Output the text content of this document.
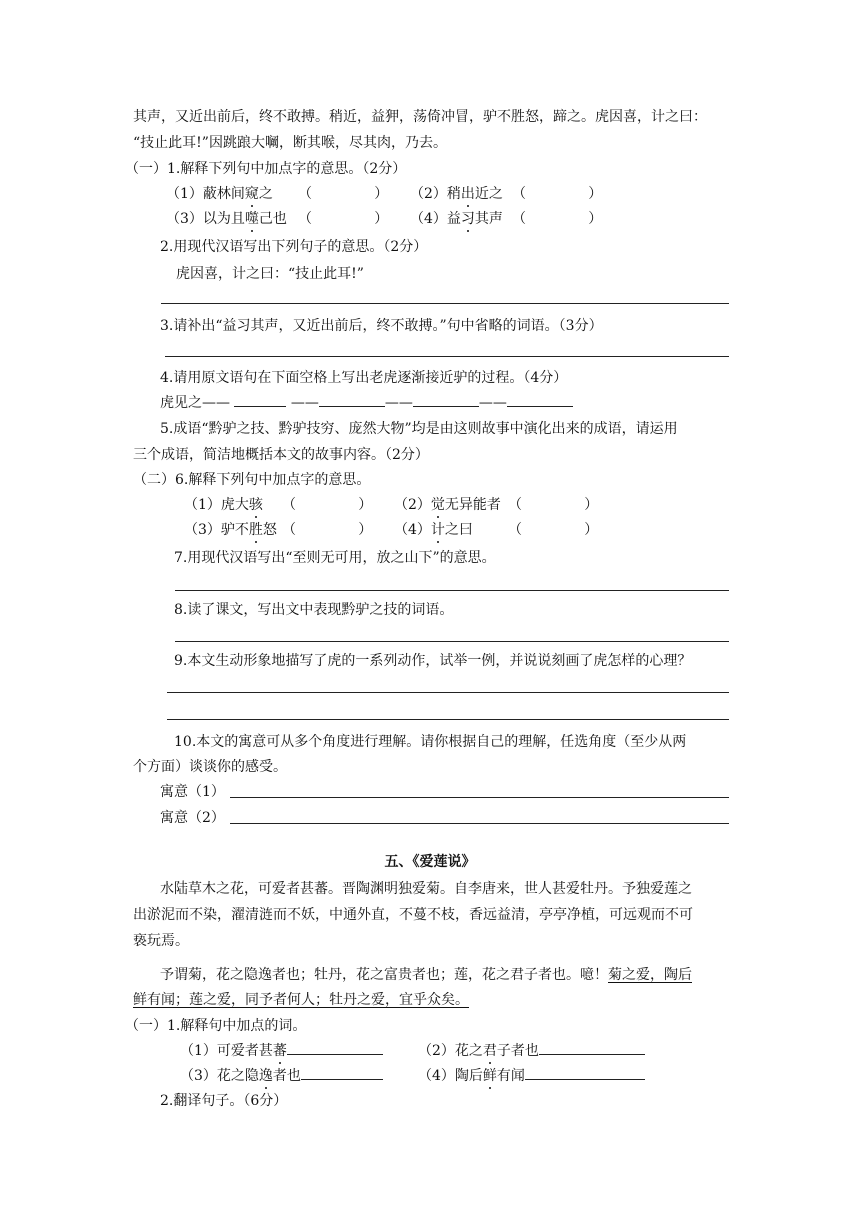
其声，又近出前后，终不敢搏。稍近，益狎，荡倚冲冒，驴不胜怒，蹄之。虎因喜，计之曰：
“技止此耳!”因跳踉大㘎，断其喉，尽其肉，乃去。
（一）1.解释下列句中加点字的意思。（2分）
（1）蔽林间窥之 （              ） （2）稍出近之 （              ）
（3）以为且噬己也 （              ） （4）益习其声 （              ）
2.用现代汉语写出下列句子的意思。（2分）
虎因喜，计之曰：“技止此耳!”
3.请补出“益习其声，又近出前后，终不敢搏。”句中省略的词语。（3分）
4.请用原文语句在下面空格上写出老虎逐渐接近驴的过程。（4分）
虎见之——	——	——	——
5.成语“黔驴之技、黔驴技穷、庞然大物”均是由这则故事中演化出来的成语，请运用
三个成语，简洁地概括本文的故事内容。（2分）
（二）6.解释下列句中加点字的意思。
（1）虎大骇 （              ） （2）觉无异能者 （              ）
（3）驴不胜怒 （              ） （4）计之曰	（              ）
7.用现代汉语写出“至则无可用，放之山下”的意思。
8.读了课文，写出文中表现黔驴之技的词语。
9.本文生动形象地描写了虎的一系列动作，试举一例，并说说刻画了虎怎样的心理？
10.本文的寓意可从多个角度进行理解。请你根据自己的理解，任选角度（至少从两
个方面）谈谈你的感受。
寓意（1）
寓意（2）
五、《爱莲说》
水陆草木之花，可爱者甚蕃。晋陶渊明独爱菊。自李唐来，世人甚爱牡丹。予独爱莲之
出淤泥而不染，濯清涟而不妖，中通外直，不蔓不枝，香远益清，亭亭净植，可远观而不可
亵玩焉。
予谓菊，花之隐逸者也；牡丹，花之富贵者也；莲，花之君子者也。噫！菊之爱，陶后
鲜有闻；莲之爱，同予者何人；牡丹之爱，宜乎众矣。
（一）1.解释句中加点的词。
（1）可爱者甚蕃	（2）花之君子者也
（3）花之隐逸者也	（4）陶后鲜有闻
2.翻译句子。（6分）
